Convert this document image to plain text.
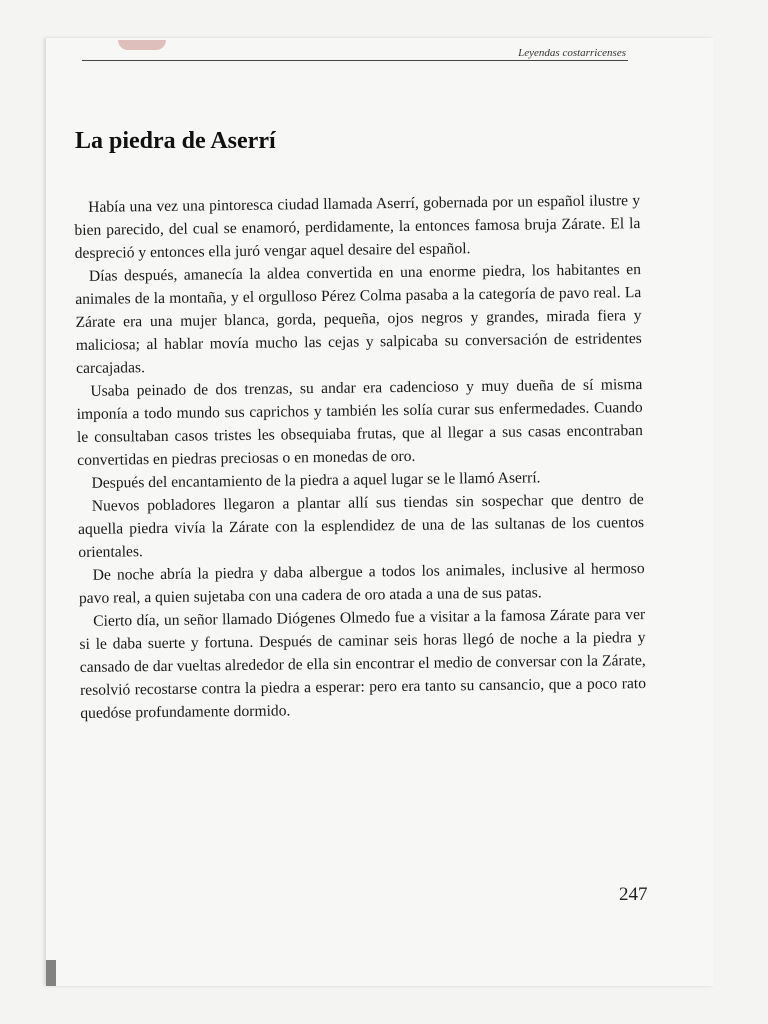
Leyendas costarricenses
La piedra de Aserrí

Había una vez una pintoresca ciudad llamada Aserrí, gobernada por un español ilustre y bien parecido, del cual se enamoró, perdidamente, la entonces famosa bruja Zárate. El la despreció y entonces ella juró vengar aquel desaire del español.

Días después, amanecía la aldea convertida en una enorme piedra, los habitantes en animales de la montaña, y el orgulloso Pérez Colma pasaba a la categoría de pavo real. La Zárate era una mujer blanca, gorda, pequeña, ojos negros y grandes, mirada fiera y maliciosa; al hablar movía mucho las cejas y salpicaba su conversación de estridentes carcajadas.

Usaba peinado de dos trenzas, su andar era cadencioso y muy dueña de sí misma imponía a todo mundo sus caprichos y también les solía curar sus enfermedades. Cuando le consultaban casos tristes les obsequiaba frutas, que al llegar a sus casas encontraban convertidas en piedras preciosas o en monedas de oro.

Después del encantamiento de la piedra a aquel lugar se le llamó Aserrí.

Nuevos pobladores llegaron a plantar allí sus tiendas sin sospechar que dentro de aquella piedra vivía la Zárate con la esplendidez de una de las sultanas de los cuentos orientales.

De noche abría la piedra y daba albergue a todos los animales, inclusive al hermoso pavo real, a quien sujetaba con una cadera de oro atada a una de sus patas.

Cierto día, un señor llamado Diógenes Olmedo fue a visitar a la famosa Zárate para ver si le daba suerte y fortuna. Después de caminar seis horas llegó de noche a la piedra y cansado de dar vueltas alrededor de ella sin encontrar el medio de conversar con la Zárate, resolvió recostarse contra la piedra a esperar: pero era tanto su cansancio, que a poco rato quedóse profundamente dormido.

247
